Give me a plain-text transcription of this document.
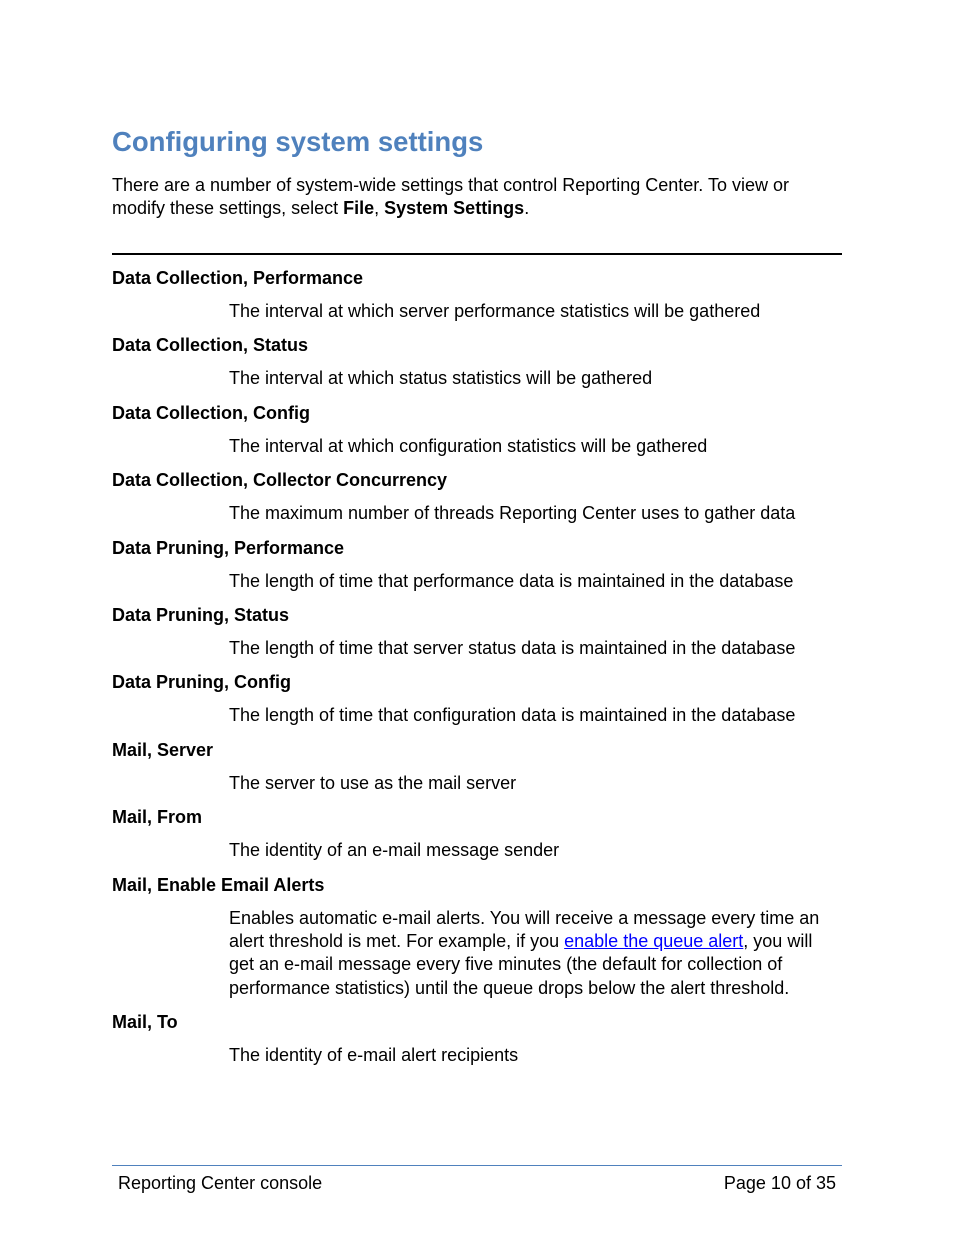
Configuring system settings

There are a number of system-wide settings that control Reporting Center. To view or modify these settings, select File, System Settings.

Data Collection, Performance

The interval at which server performance statistics will be gathered

Data Collection, Status

The interval at which status statistics will be gathered

Data Collection, Config

The interval at which configuration statistics will be gathered

Data Collection, Collector Concurrency

The maximum number of threads Reporting Center uses to gather data

Data Pruning, Performance

The length of time that performance data is maintained in the database

Data Pruning, Status

The length of time that server status data is maintained in the database

Data Pruning, Config

The length of time that configuration data is maintained in the database

Mail, Server

The server to use as the mail server

Mail, From

The identity of an e-mail message sender

Mail, Enable Email Alerts

Enables automatic e-mail alerts. You will receive a message every time an alert threshold is met. For example, if you enable the queue alert, you will get an e-mail message every five minutes (the default for collection of performance statistics) until the queue drops below the alert threshold.

Mail, To

The identity of e-mail alert recipients

Reporting Center console	Page 10 of 35
